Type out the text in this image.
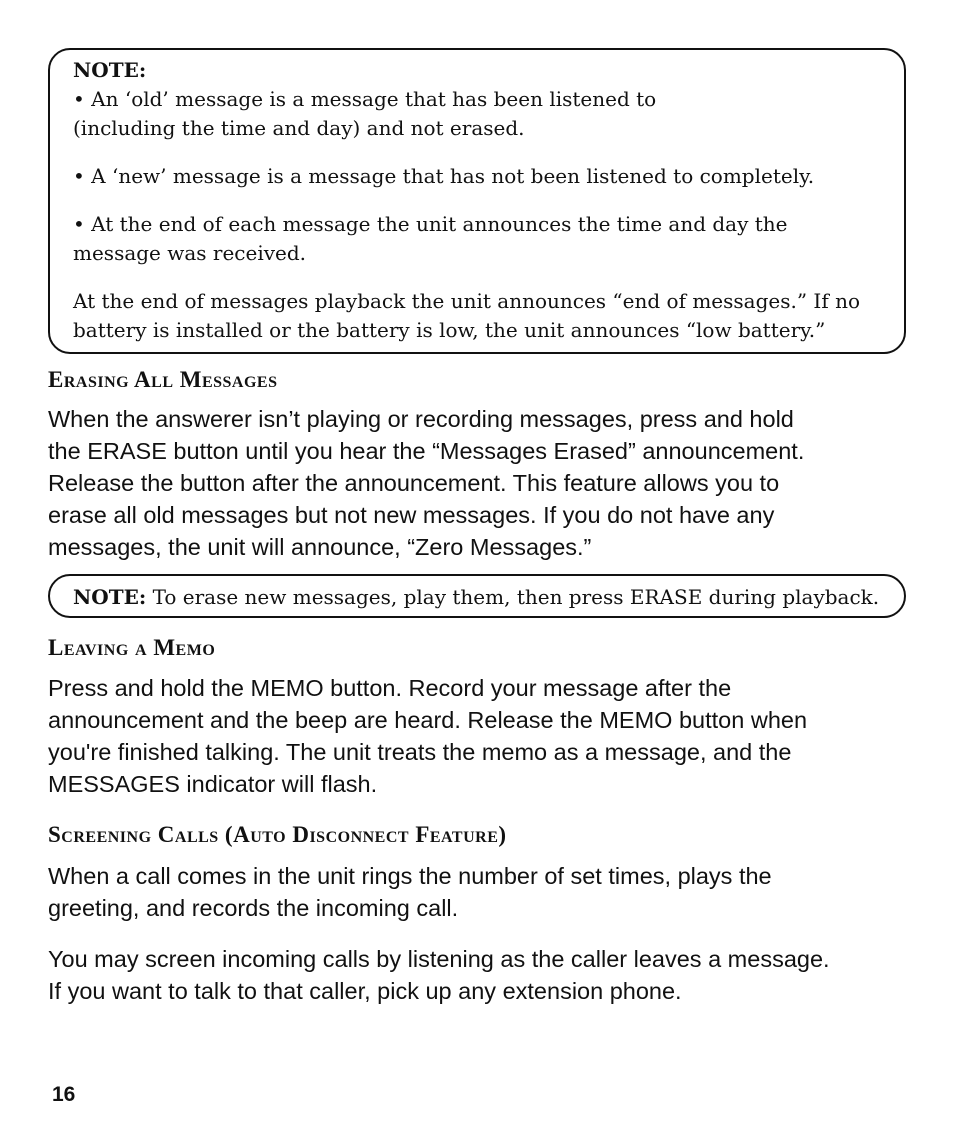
NOTE:

• An ‘old’ message is a message that has been listened to

(including the time and day) and not erased.

• A ‘new’ message is a message that has not been listened to completely.

• At the end of each message the unit announces the time and day the

message was received.

At the end of messages playback the unit announces “end of messages.” If no

battery is installed or the battery is low, the unit announces “low battery.”

Erasing All Messages
When the answerer isn’t playing or recording messages, press and hold
the ERASE button until you hear the “Messages Erased” announcement.
Release the button after the announcement. This feature allows you to
erase all old messages but not new messages. If you do not have any
messages, the unit will announce, “Zero Messages.”
NOTE: To erase new messages, play them, then press ERASE during playback.
Leaving a Memo
Press and hold the MEMO button. Record your message after the
announcement and the beep are heard. Release the MEMO button when
you're finished talking. The unit treats the memo as a message, and the
MESSAGES indicator will flash.
Screening Calls (Auto Disconnect Feature)
When a call comes in the unit rings the number of set times, plays the
greeting, and records the incoming call.
You may screen incoming calls by listening as the caller leaves a message.
If you want to talk to that caller, pick up any extension phone.
16
